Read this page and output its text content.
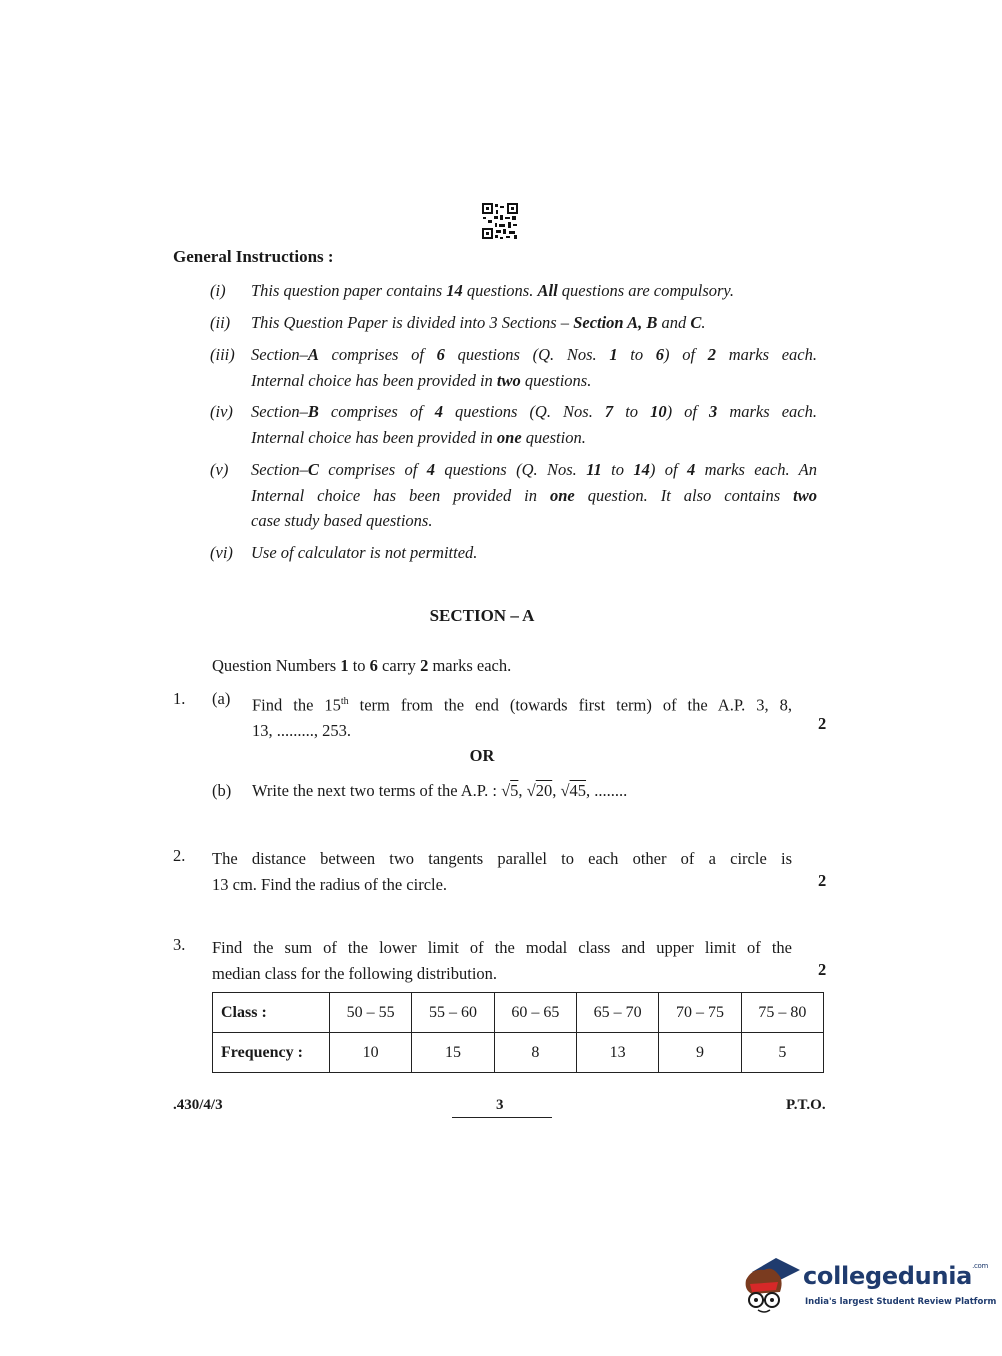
General Instructions :
(i)	This question paper contains 14 questions. All questions are compulsory.
(ii)	This Question Paper is divided into 3 Sections – Section A, B and C.
(iii) Section–A comprises of 6 questions (Q. Nos. 1 to 6) of 2 marks each.
Internal choice has been provided in two questions.
(iv)	Section–B comprises of 4 questions (Q. Nos. 7 to 10) of 3 marks each.
Internal choice has been provided in one question.
(v)	Section–C comprises of 4 questions (Q. Nos. 11 to 14) of 4 marks each. An
Internal choice has been provided in one question. It also contains two
case study based questions.
(vi)	Use of calculator is not permitted.
SECTION – A
Question Numbers 1 to 6 carry 2 marks each.
1. (a) Find the 15th term from the end (towards first term) of the A.P. 3, 8,
13, ........., 253.	2
OR
(b) Write the next two terms of the A.P. : √5, √20, √45, ........
2. The distance between two tangents parallel to each other of a circle is
13 cm. Find the radius of the circle.	2
3. Find the sum of the lower limit of the modal class and upper limit of the
median class for the following distribution.	2
Class :	50 – 55	55 – 60	60 – 65	65 – 70	70 – 75	75 – 80
Frequency :	10	15	8	13	9	5
.430/4/3	3	P.T.O.
collegedunia$^{.com}$
India's largest Student Review Platform
